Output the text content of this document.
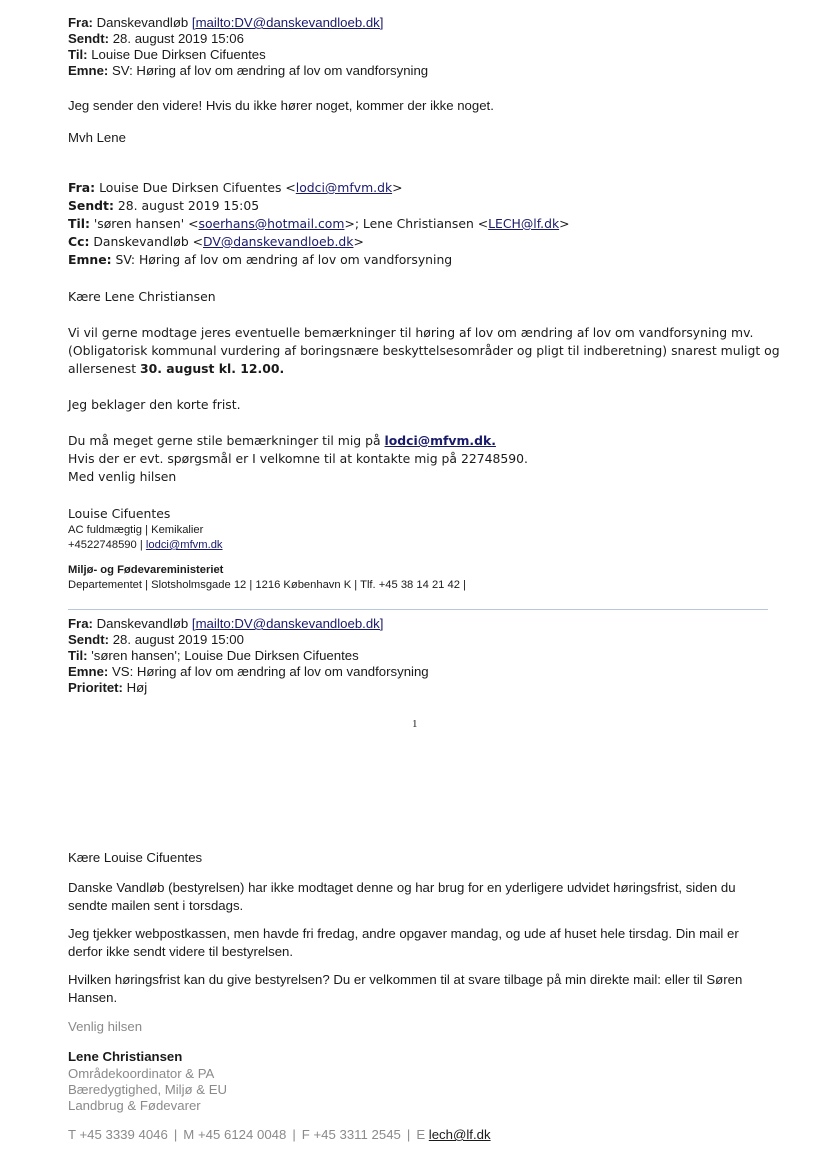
Fra: Danskevandløb [mailto:DV@danskevandloeb.dk]
Sendt: 28. august 2019 15:06
Til: Louise Due Dirksen Cifuentes
Emne: SV: Høring af lov om ændring af lov om vandforsyning
Jeg sender den videre! Hvis du ikke hører noget, kommer der ikke noget.
Mvh Lene
Fra: Louise Due Dirksen Cifuentes <lodci@mfvm.dk>
Sendt: 28. august 2019 15:05
Til: 'søren hansen' <soerhans@hotmail.com>; Lene Christiansen <LECH@lf.dk>
Cc: Danskevandløb <DV@danskevandloeb.dk>
Emne: SV: Høring af lov om ændring af lov om vandforsyning
Kære Lene Christiansen
Vi vil gerne modtage jeres eventuelle bemærkninger til høring af lov om ændring af lov om vandforsyning mv.
(Obligatorisk kommunal vurdering af boringsnære beskyttelsesområder og pligt til indberetning) snarest muligt og
allersenest 30. august kl. 12.00.
Jeg beklager den korte frist.
Du må meget gerne stile bemærkninger til mig på lodci@mfvm.dk.
Hvis der er evt. spørgsmål er I velkomne til at kontakte mig på 22748590.
Med venlig hilsen
Louise Cifuentes
AC fuldmægtig | Kemikalier
+4522748590 | lodci@mfvm.dk
Miljø- og Fødevareministeriet
Departementet | Slotsholmsgade 12 | 1216 København K | Tlf. +45 38 14 21 42 |
Fra: Danskevandløb [mailto:DV@danskevandloeb.dk]
Sendt: 28. august 2019 15:00
Til: 'søren hansen'; Louise Due Dirksen Cifuentes
Emne: VS: Høring af lov om ændring af lov om vandforsyning
Prioritet: Høj
1
Kære Louise Cifuentes
Danske Vandløb (bestyrelsen) har ikke modtaget denne og har brug for en yderligere udvidet høringsfrist, siden du
sendte mailen sent i torsdags.
Jeg tjekker webpostkassen, men havde fri fredag, andre opgaver mandag, og ude af huset hele tirsdag. Din mail er
derfor ikke sendt videre til bestyrelsen.
Hvilken høringsfrist kan du give bestyrelsen? Du er velkommen til at svare tilbage på min direkte mail: eller til Søren
Hansen.
Venlig hilsen
Lene Christiansen
Områdekoordinator & PA
Bæredygtighed, Miljø & EU
Landbrug & Fødevarer
T +45 3339 4046 | M +45 6124 0048 | F +45 3311 2545 | E lech@lf.dk
